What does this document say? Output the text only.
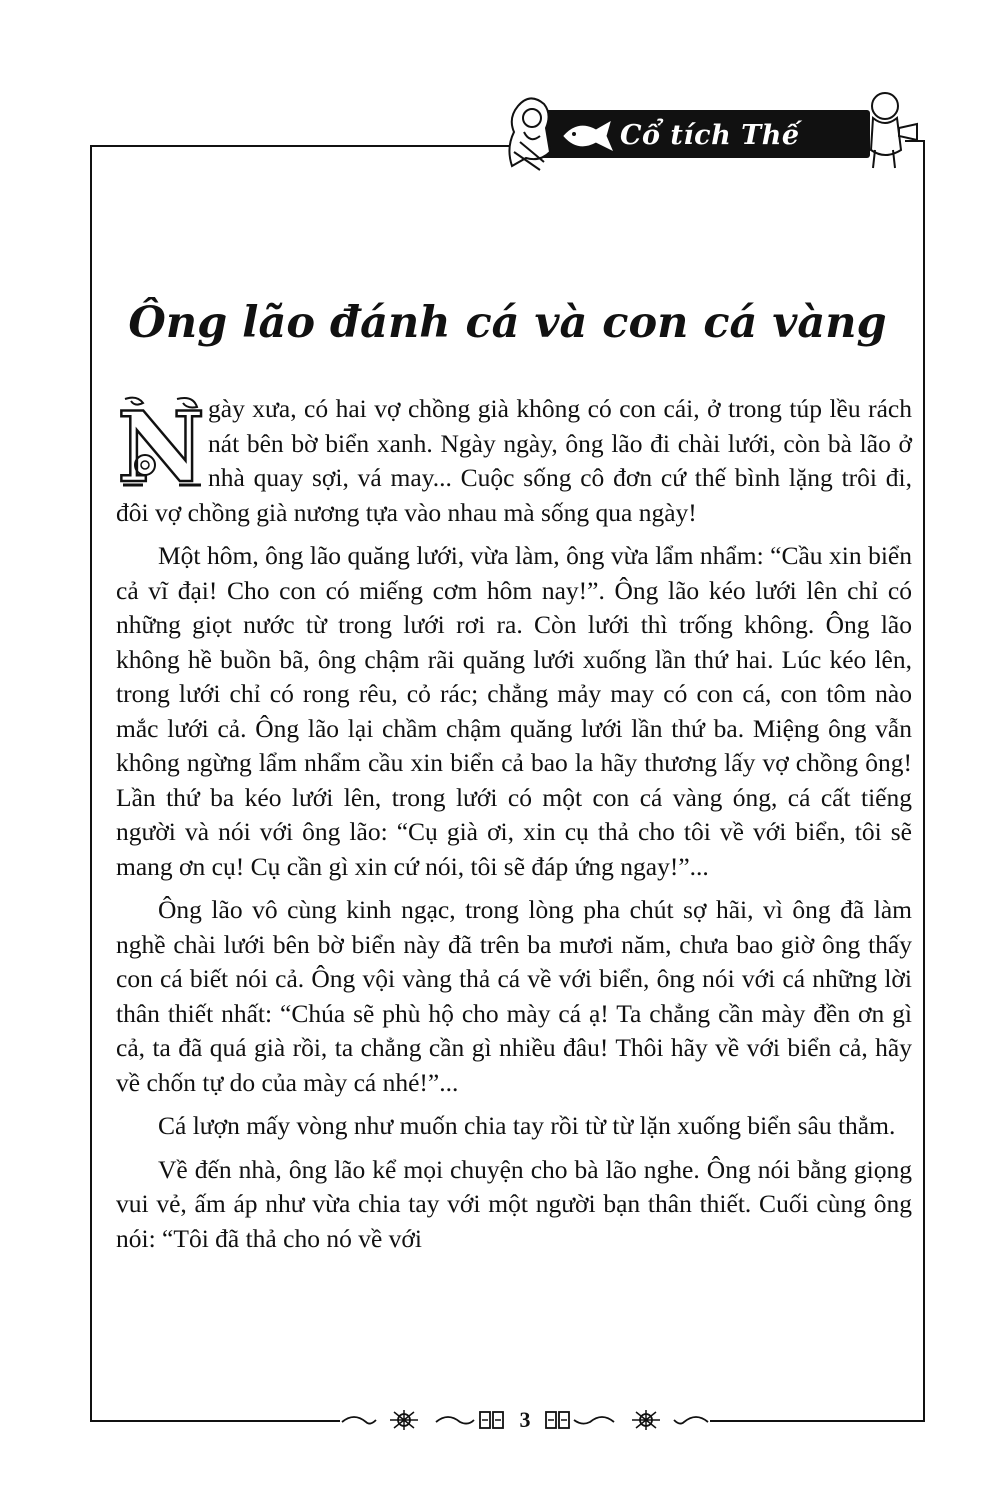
Cổ tích Thế giới
Ông lão đánh cá và con cá vàng
N gày xưa, có hai vợ chồng già không có con cái, ở trong túp lều rách nát bên bờ biển xanh. Ngày ngày, ông lão đi chài lưới, còn bà lão ở nhà quay sợi, vá may... Cuộc sống cô đơn cứ thế bình lặng trôi đi, đôi vợ chồng già nương tựa vào nhau mà sống qua ngày!

Một hôm, ông lão quăng lưới, vừa làm, ông vừa lẩm nhẩm: “Cầu xin biển cả vĩ đại! Cho con có miếng cơm hôm nay!”. Ông lão kéo lưới lên chỉ có những giọt nước từ trong lưới rơi ra. Còn lưới thì trống không. Ông lão không hề buồn bã, ông chậm rãi quăng lưới xuống lần thứ hai. Lúc kéo lên, trong lưới chỉ có rong rêu, cỏ rác; chẳng mảy may có con cá, con tôm nào mắc lưới cả. Ông lão lại chầm chậm quăng lưới lần thứ ba. Miệng ông vẫn không ngừng lẩm nhẩm cầu xin biển cả bao la hãy thương lấy vợ chồng ông! Lần thứ ba kéo lưới lên, trong lưới có một con cá vàng óng, cá cất tiếng người và nói với ông lão: “Cụ già ơi, xin cụ thả cho tôi về với biển, tôi sẽ mang ơn cụ! Cụ cần gì xin cứ nói, tôi sẽ đáp ứng ngay!”...

Ông lão vô cùng kinh ngạc, trong lòng pha chút sợ hãi, vì ông đã làm nghề chài lưới bên bờ biển này đã trên ba mươi năm, chưa bao giờ ông thấy con cá biết nói cả. Ông vội vàng thả cá về với biển, ông nói với cá những lời thân thiết nhất: “Chúa sẽ phù hộ cho mày cá ạ! Ta chẳng cần mày đền ơn gì cả, ta đã quá già rồi, ta chẳng cần gì nhiều đâu! Thôi hãy về với biển cả, hãy về chốn tự do của mày cá nhé!”...

Cá lượn mấy vòng như muốn chia tay rồi từ từ lặn xuống biển sâu thẳm.

Về đến nhà, ông lão kể mọi chuyện cho bà lão nghe. Ông nói bằng giọng vui vẻ, ấm áp như vừa chia tay với một người bạn thân thiết. Cuối cùng ông nói: “Tôi đã thả cho nó về với

3
